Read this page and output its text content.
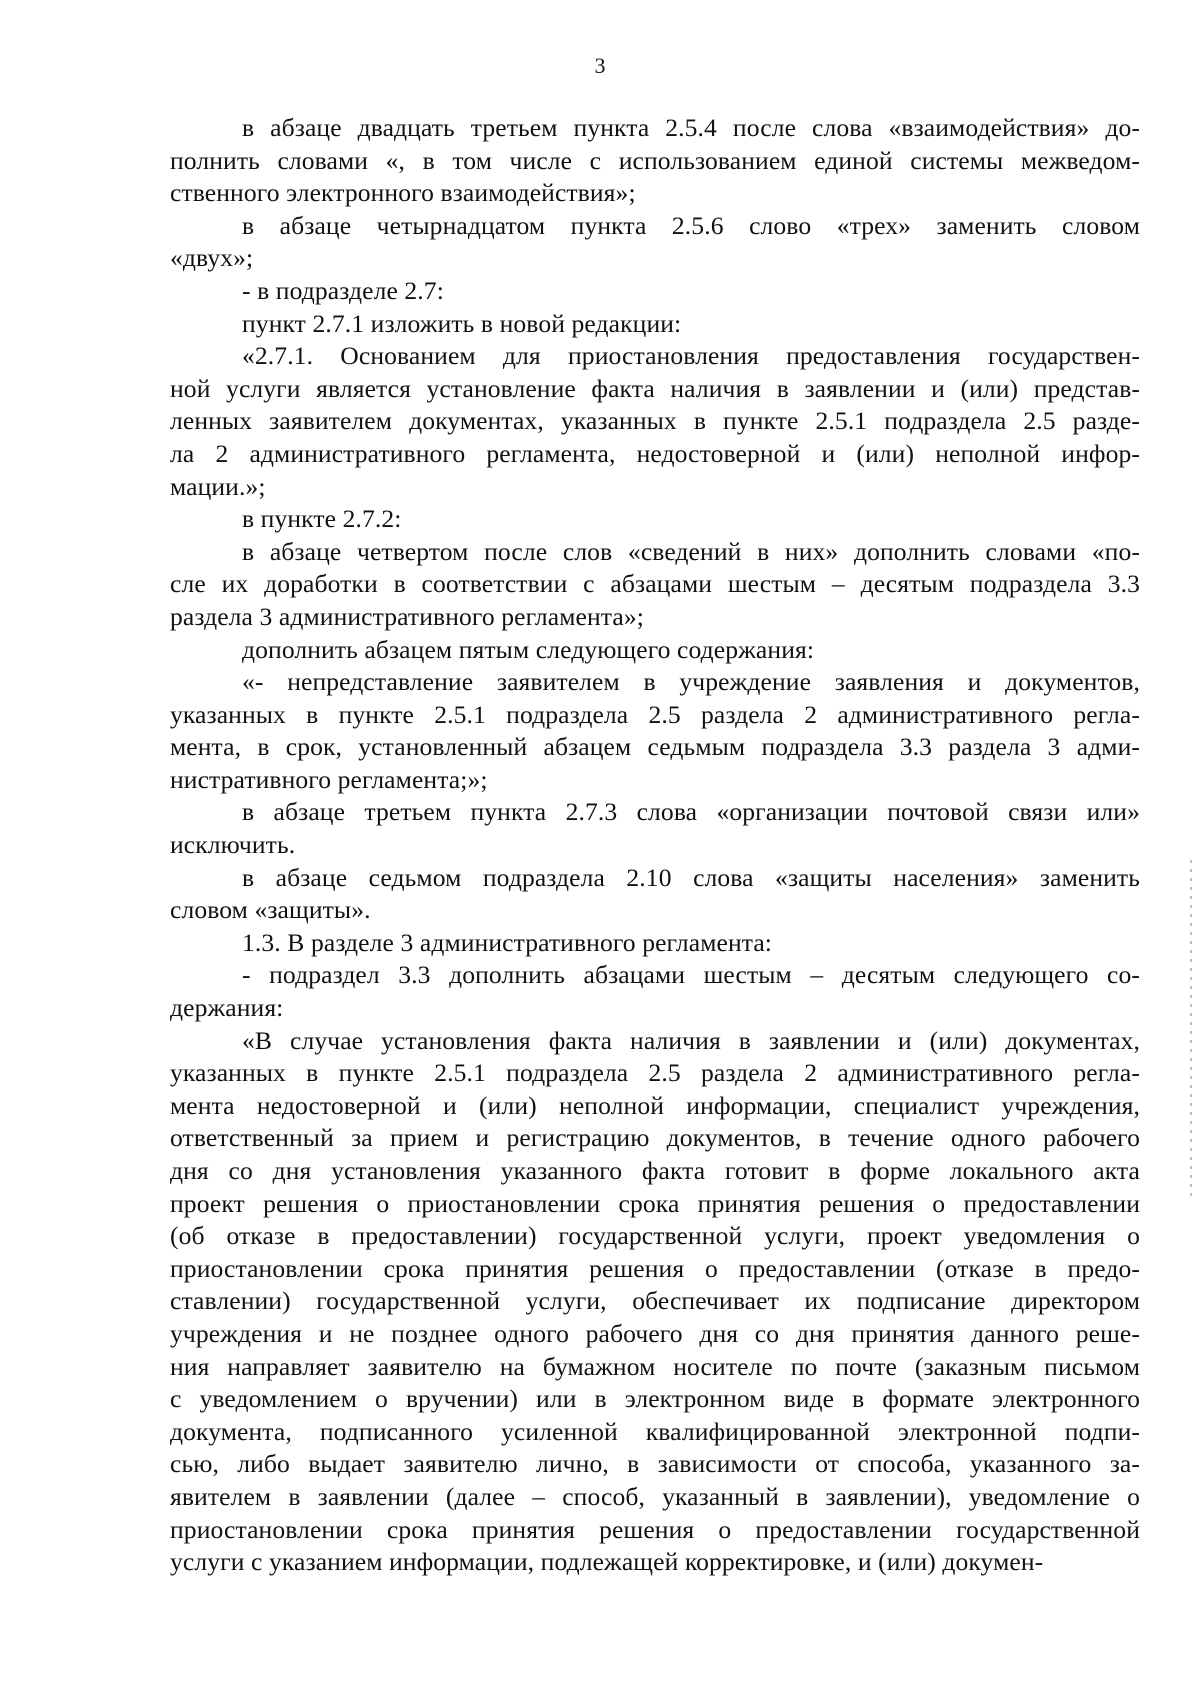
3
в абзаце двадцать третьем пункта 2.5.4 после слова «взаимодействия» до-
полнить словами «, в том числе с использованием единой системы межведом-
ственного электронного взаимодействия»;
в абзаце четырнадцатом пункта 2.5.6 слово «трех» заменить словом
«двух»;
- в подразделе 2.7:
пункт 2.7.1 изложить в новой редакции:
«2.7.1. Основанием для приостановления предоставления государствен-
ной услуги является установление факта наличия в заявлении и (или) представ-
ленных заявителем документах, указанных в пункте 2.5.1 подраздела 2.5 разде-
ла 2 административного регламента, недостоверной и (или) неполной инфор-
мации.»;
в пункте 2.7.2:
в абзаце четвертом после слов «сведений в них» дополнить словами «по-
сле их доработки в соответствии с абзацами шестым – десятым подраздела 3.3
раздела 3 административного регламента»;
дополнить абзацем пятым следующего содержания:
«- непредставление заявителем в учреждение заявления и документов,
указанных в пункте 2.5.1 подраздела 2.5 раздела 2 административного регла-
мента, в срок, установленный абзацем седьмым подраздела 3.3 раздела 3 адми-
нистративного регламента;»;
в абзаце третьем пункта 2.7.3 слова «организации почтовой связи или»
исключить.
в абзаце седьмом подраздела 2.10 слова «защиты населения» заменить
словом «защиты».
1.3. В разделе 3 административного регламента:
- подраздел 3.3 дополнить абзацами шестым – десятым следующего со-
держания:
«В случае установления факта наличия в заявлении и (или) документах,
указанных в пункте 2.5.1 подраздела 2.5 раздела 2 административного регла-
мента недостоверной и (или) неполной информации, специалист учреждения,
ответственный за прием и регистрацию документов, в течение одного рабочего
дня со дня установления указанного факта готовит в форме локального акта
проект решения о приостановлении срока принятия решения о предоставлении
(об отказе в предоставлении) государственной услуги, проект уведомления о
приостановлении срока принятия решения о предоставлении (отказе в предо-
ставлении) государственной услуги, обеспечивает их подписание директором
учреждения и не позднее одного рабочего дня со дня принятия данного реше-
ния направляет заявителю на бумажном носителе по почте (заказным письмом
с уведомлением о вручении) или в электронном виде в формате электронного
документа, подписанного усиленной квалифицированной электронной подпи-
сью, либо выдает заявителю лично, в зависимости от способа, указанного за-
явителем в заявлении (далее – способ, указанный в заявлении), уведомление о
приостановлении срока принятия решения о предоставлении государственной
услуги с указанием информации, подлежащей корректировке, и (или) докумен-
